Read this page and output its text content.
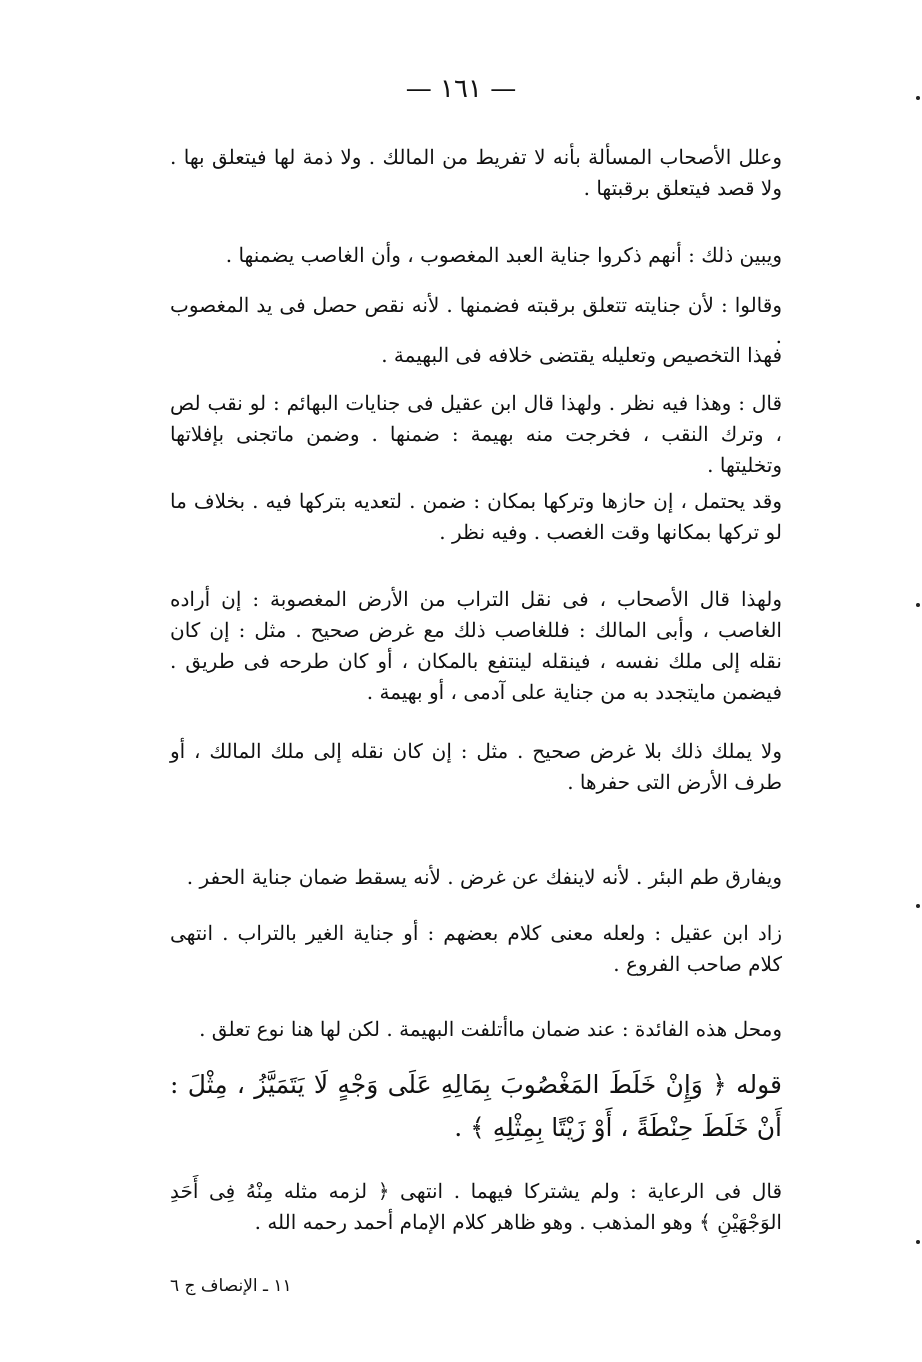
— ١٦١ —

وعلل الأصحاب المسألة بأنه لا تفريط من المالك . ولا ذمة لها فيتعلق بها . ولا قصد فيتعلق برقبتها .

ويبين ذلك : أنهم ذكروا جناية العبد المغصوب ، وأن الغاصب يضمنها .

وقالوا : لأن جنايته تتعلق برقبته فضمنها . لأنه نقص حصل فى يد المغصوب .

فهذا التخصيص وتعليله يقتضى خلافه فى البهيمة .

قال : وهذا فيه نظر . ولهذا قال ابن عقيل فى جنايات البهائم : لو نقب لص ، وترك النقب ، فخرجت منه بهيمة : ضمنها . وضمن ماتجنى بإفلاتها وتخليتها .

وقد يحتمل ، إن حازها وتركها بمكان : ضمن . لتعديه بتركها فيه . بخلاف ما لو تركها بمكانها وقت الغصب . وفيه نظر .

ولهذا قال الأصحاب ، فى نقل التراب من الأرض المغصوبة : إن أراده الغاصب ، وأبى المالك : فللغاصب ذلك مع غرض صحيح . مثل : إن كان نقله إلى ملك نفسه ، فينقله لينتفع بالمكان ، أو كان طرحه فى طريق . فيضمن مايتجدد به من جناية على آدمى ، أو بهيمة .

ولا يملك ذلك بلا غرض صحيح . مثل : إن كان نقله إلى ملك المالك ، أو طرف الأرض التى حفرها .

ويفارق طم البئر . لأنه لاينفك عن غرض . لأنه يسقط ضمان جناية الحفر .

زاد ابن عقيل : ولعله معنى كلام بعضهم : أو جناية الغير بالتراب . انتهى كلام صاحب الفروع .

ومحل هذه الفائدة : عند ضمان ماأتلفت البهيمة . لكن لها هنا نوع تعلق .

قوله ﴿ وَإِنْ خَلَطَ المَغْصُوبَ بِمَالِهِ عَلَى وَجْهٍ لَا يَتَمَيَّزُ ، مِثْلَ : أَنْ خَلَطَ حِنْطَةً ، أَوْ زَيْتًا بِمِثْلِهِ ﴾ .

قال فى الرعاية : ولم يشتركا فيهما . انتهى ﴿ لزمه مثله مِنْهُ فِى أَحَدِ الوَجْهَيْنِ ﴾ وهو المذهب . وهو ظاهر كلام الإمام أحمد رحمه الله .

١١ ـ الإنصاف ج ٦
